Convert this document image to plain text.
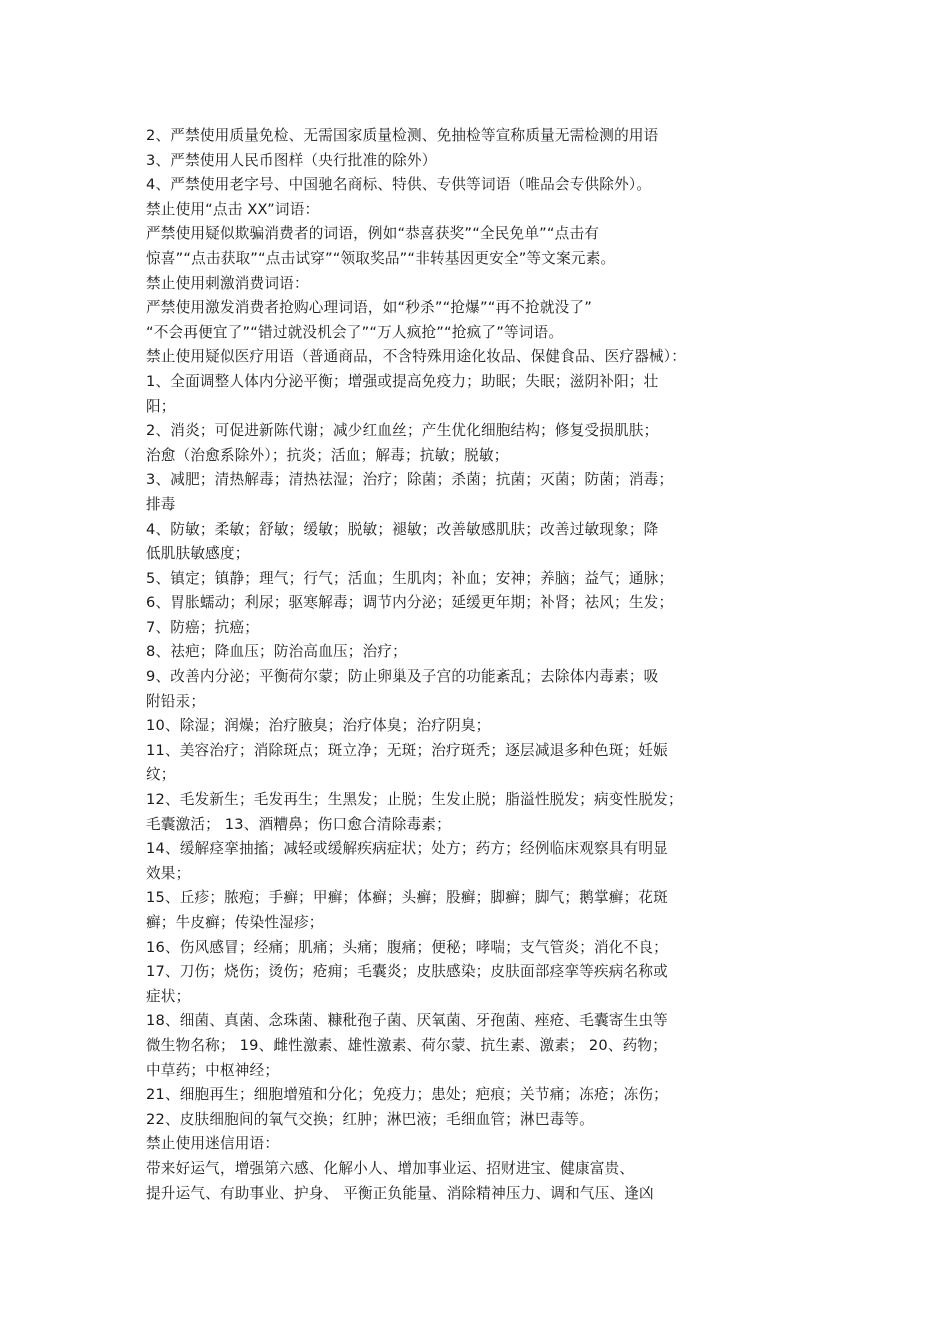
2、严禁使用质量免检、无需国家质量检测、免抽检等宣称质量无需检测的用语
3、严禁使用人民币图样（央行批准的除外）
4、严禁使用老字号、中国驰名商标、特供、专供等词语（唯品会专供除外）。
禁止使用“点击 XX”词语：
严禁使用疑似欺骗消费者的词语，例如“恭喜获奖”“全民免单”“点击有
惊喜”“点击获取”“点击试穿”“领取奖品”“非转基因更安全”等文案元素。
禁止使用刺激消费词语：
严禁使用激发消费者抢购心理词语，如“秒杀”“抢爆”“再不抢就没了”
“不会再便宜了”“错过就没机会了”“万人疯抢”“抢疯了”等词语。
禁止使用疑似医疗用语（普通商品，不含特殊用途化妆品、保健食品、医疗器械）：
1、全面调整人体内分泌平衡；增强或提高免疫力；助眠；失眠；滋阴补阳；壮
阳；
2、消炎；可促进新陈代谢；减少红血丝；产生优化细胞结构；修复受损肌肤；
治愈（治愈系除外）；抗炎；活血；解毒；抗敏；脱敏；
3、减肥；清热解毒；清热祛湿；治疗；除菌；杀菌；抗菌；灭菌；防菌；消毒；
排毒
4、防敏；柔敏；舒敏；缓敏；脱敏；褪敏；改善敏感肌肤；改善过敏现象；降
低肌肤敏感度；
5、镇定；镇静；理气；行气；活血；生肌肉；补血；安神；养脑；益气；通脉；
6、胃胀蠕动；利尿；驱寒解毒；调节内分泌；延缓更年期；补肾；祛风；生发；
7、防癌；抗癌；
8、祛疤；降血压；防治高血压；治疗；
9、改善内分泌；平衡荷尔蒙；防止卵巢及子宫的功能紊乱；去除体内毒素；吸
附铅汞；
10、除湿；润燥；治疗腋臭；治疗体臭；治疗阴臭；
11、美容治疗；消除斑点；斑立净；无斑；治疗斑秃；逐层减退多种色斑；妊娠
纹；
12、毛发新生；毛发再生；生黑发；止脱；生发止脱；脂溢性脱发；病变性脱发；
毛囊激活； 13、酒糟鼻；伤口愈合清除毒素；
14、缓解痉挛抽搐；减轻或缓解疾病症状；处方；药方；经例临床观察具有明显
效果；
15、丘疹；脓疱；手癣；甲癣；体癣；头癣；股癣；脚癣；脚气；鹅掌癣；花斑
癣；牛皮癣；传染性湿疹；
16、伤风感冒；经痛；肌痛；头痛；腹痛；便秘；哮喘；支气管炎；消化不良；
17、刀伤；烧伤；烫伤；疮痈；毛囊炎；皮肤感染；皮肤面部痉挛等疾病名称或
症状；
18、细菌、真菌、念珠菌、糠秕孢子菌、厌氧菌、牙孢菌、痤疮、毛囊寄生虫等
微生物名称； 19、雌性激素、雄性激素、荷尔蒙、抗生素、激素； 20、药物；
中草药；中枢神经；
21、细胞再生；细胞增殖和分化；免疫力；患处；疤痕；关节痛；冻疮；冻伤；
22、皮肤细胞间的氧气交换；红肿；淋巴液；毛细血管；淋巴毒等。
禁止使用迷信用语：
带来好运气，增强第六感、化解小人、增加事业运、招财进宝、健康富贵、
提升运气、有助事业、护身、 平衡正负能量、消除精神压力、调和气压、逢凶
